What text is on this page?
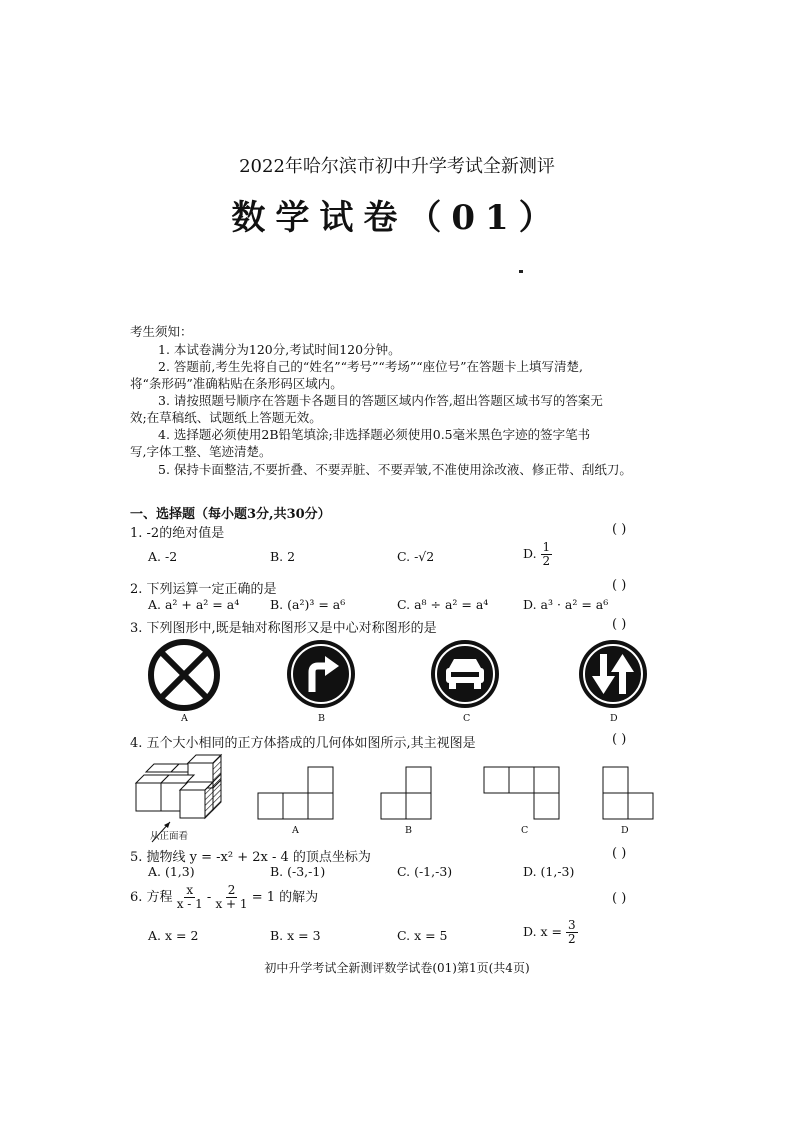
2022年哈尔滨市初中升学考试全新测评
数学试卷（01）
考生须知：
1. 本试卷满分为120分,考试时间120分钟。
2. 答题前,考生先将自己的“姓名”“考号”“考场”“座位号”在答题卡上填写清楚,
将“条形码”准确粘贴在条形码区域内。
3. 请按照题号顺序在答题卡各题目的答题区域内作答,超出答题区域书写的答案无
效;在草稿纸、试题纸上答题无效。
4. 选择题必须使用2B铅笔填涂;非选择题必须使用0.5毫米黑色字迹的签字笔书
写,字体工整、笔迹清楚。
5. 保持卡面整洁,不要折叠、不要弄脏、不要弄皱,不准使用涂改液、修正带、刮纸刀。
一、选择题（每小题3分,共30分）
1. -2的绝对值是	( )
A. -2	B. 2	C. -√2	D. $\frac{1}{2}$
2. 下列运算一定正确的是	( )
A. a² + a² = a⁴ B. (a²)³ = a⁶	C. a⁸ ÷ a² = a⁴	D. a³ · a² = a⁶
3. 下列图形中,既是轴对称图形又是中心对称图形的是	( )
A	B	C	D
4. 五个大小相同的正方体搭成的几何体如图所示,其主视图是	( )
从正面看
A	B	C	D
5. 抛物线 y = -x² + 2x - 4 的顶点坐标为	( )
A. (1,3)	B. (-3,-1)	C. (-1,-3)	D. (1,-3)
6. 方程 $\frac{x}{x - 1} - \frac{2}{x + 1} = 1$ 的解为	( )
A. x = 2	B. x = 3	C. x = 5	D. $x = \frac{3}{2}$
初中升学考试全新测评数学试卷(01)第1页(共4页)
